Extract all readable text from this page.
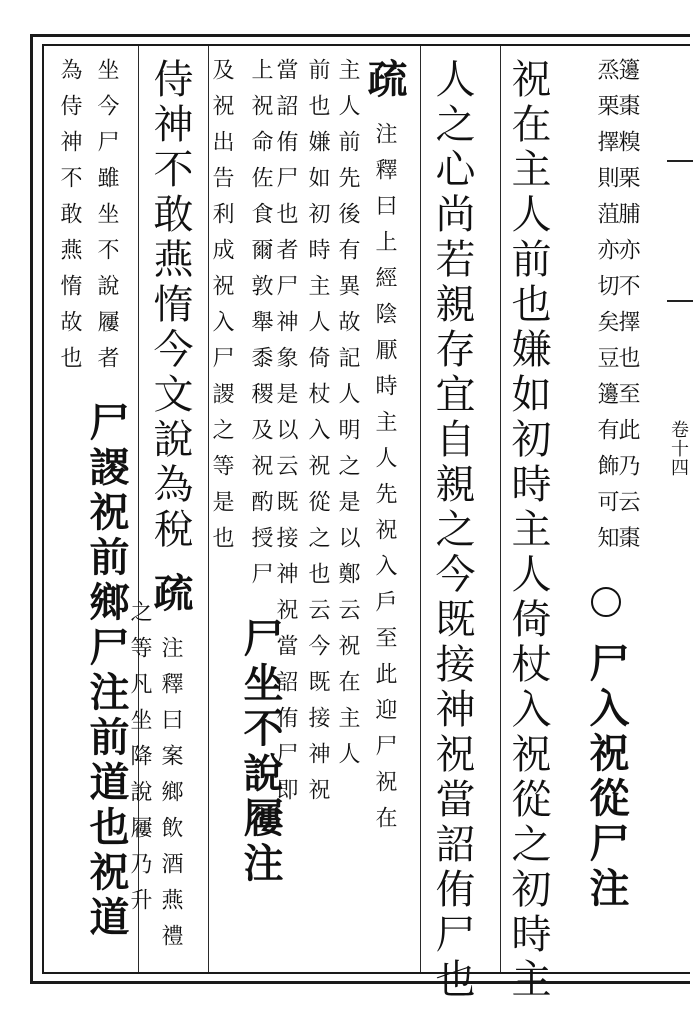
卷十四
籩棗糗栗脯亦不擇也至此乃云棗
烝栗擇則菹亦切矣豆籩有飾可知  尸入祝從尸注
祝在主人前也嫌如初時主人倚杖入祝從之初時主
人之心尚若親存宜自親之今既接神祝當詔侑尸也
疏 注釋曰上經陰厭時主人先祝入戶至此迎尸祝在
主人前先後有異故記人明之是以鄭云祝在主人
前也嫌如初時主人倚杖入祝從之也云今既接神祝
當詔侑尸也者尸神象是以云既接神祝當詔侑尸即
上祝命佐食爾敦舉黍稷及祝酌授尸 尸坐不說屨注
及祝出告利成祝入尸謖之等是也
侍神不敢燕惰今文說為稅 疏 注釋曰案鄉飲酒燕禮
之等凡坐降說屨乃升
坐今尸雖坐不說屨者 尸謖祝前鄉尸注前道也祝道
為侍神不敢燕惰故也
